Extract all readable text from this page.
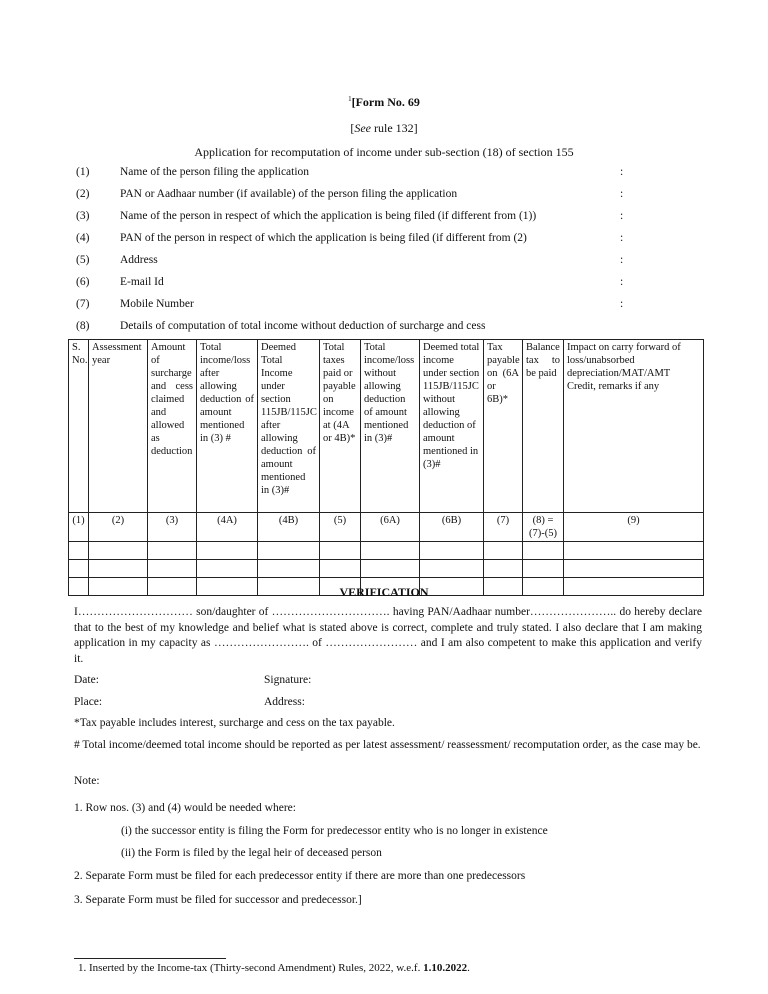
$^1$[Form No. 69
[See rule 132]
Application for recomputation of income under sub-section (18) of section 155
(1)	Name of the person filing the application	:
(2)	PAN or Aadhaar number (if available) of the person filing the application	:
(3)	Name of the person in respect of which the application is being filed (if different from (1))	:
(4)	PAN of the person in respect of which the application is being filed (if different from (2)	:
(5)	Address	:
(6)	E-mail Id	:
(7)	Mobile Number	:
(8)	Details of computation of total income without deduction of surcharge and cess
S. No.	Assessment year	Amount of surcharge and cess claimed and allowed as deduction	Total income/loss after allowing deduction of amount mentioned in (3) #	Deemed Total Income under section 115JB/115JC after allowing deduction of amount mentioned in (3)#	Total taxes paid or payable on income at (4A or 4B)*	Total income/loss without allowing deduction of amount mentioned in (3)#	Deemed total income under section 115JB/115JC without allowing deduction of amount mentioned in (3)#	Tax payable on (6A or 6B)*	Balance tax to be paid	Impact on carry forward of loss/unabsorbed depreciation/MAT/AMT Credit, remarks if any
(1)	(2)	(3)	(4A)	(4B)	(5)	(6A)	(6B)	(7)	(8) = (7)-(5)	(9)

VERIFICATION
I………………………… son/daughter of …………………………. having PAN/Aadhaar number………………….. do hereby declare that to the best of my knowledge and belief what is stated above is correct, complete and truly stated. I also declare that I am making application in my capacity as ……………………. of …………………… and I am also competent to make this application and verify it.
Date:	Signature:
Place:	Address:
*Tax payable includes interest, surcharge and cess on the tax payable.
# Total income/deemed total income should be reported as per latest assessment/ reassessment/ recomputation order, as the case may be.
Note:
1. Row nos. (3) and (4) would be needed where:
(i) the successor entity is filing the Form for predecessor entity who is no longer in existence
(ii) the Form is filed by the legal heir of deceased person
2. Separate Form must be filed for each predecessor entity if there are more than one predecessors
3. Separate Form must be filed for successor and predecessor.]
1. Inserted by the Income-tax (Thirty-second Amendment) Rules, 2022, w.e.f. 1.10.2022.
